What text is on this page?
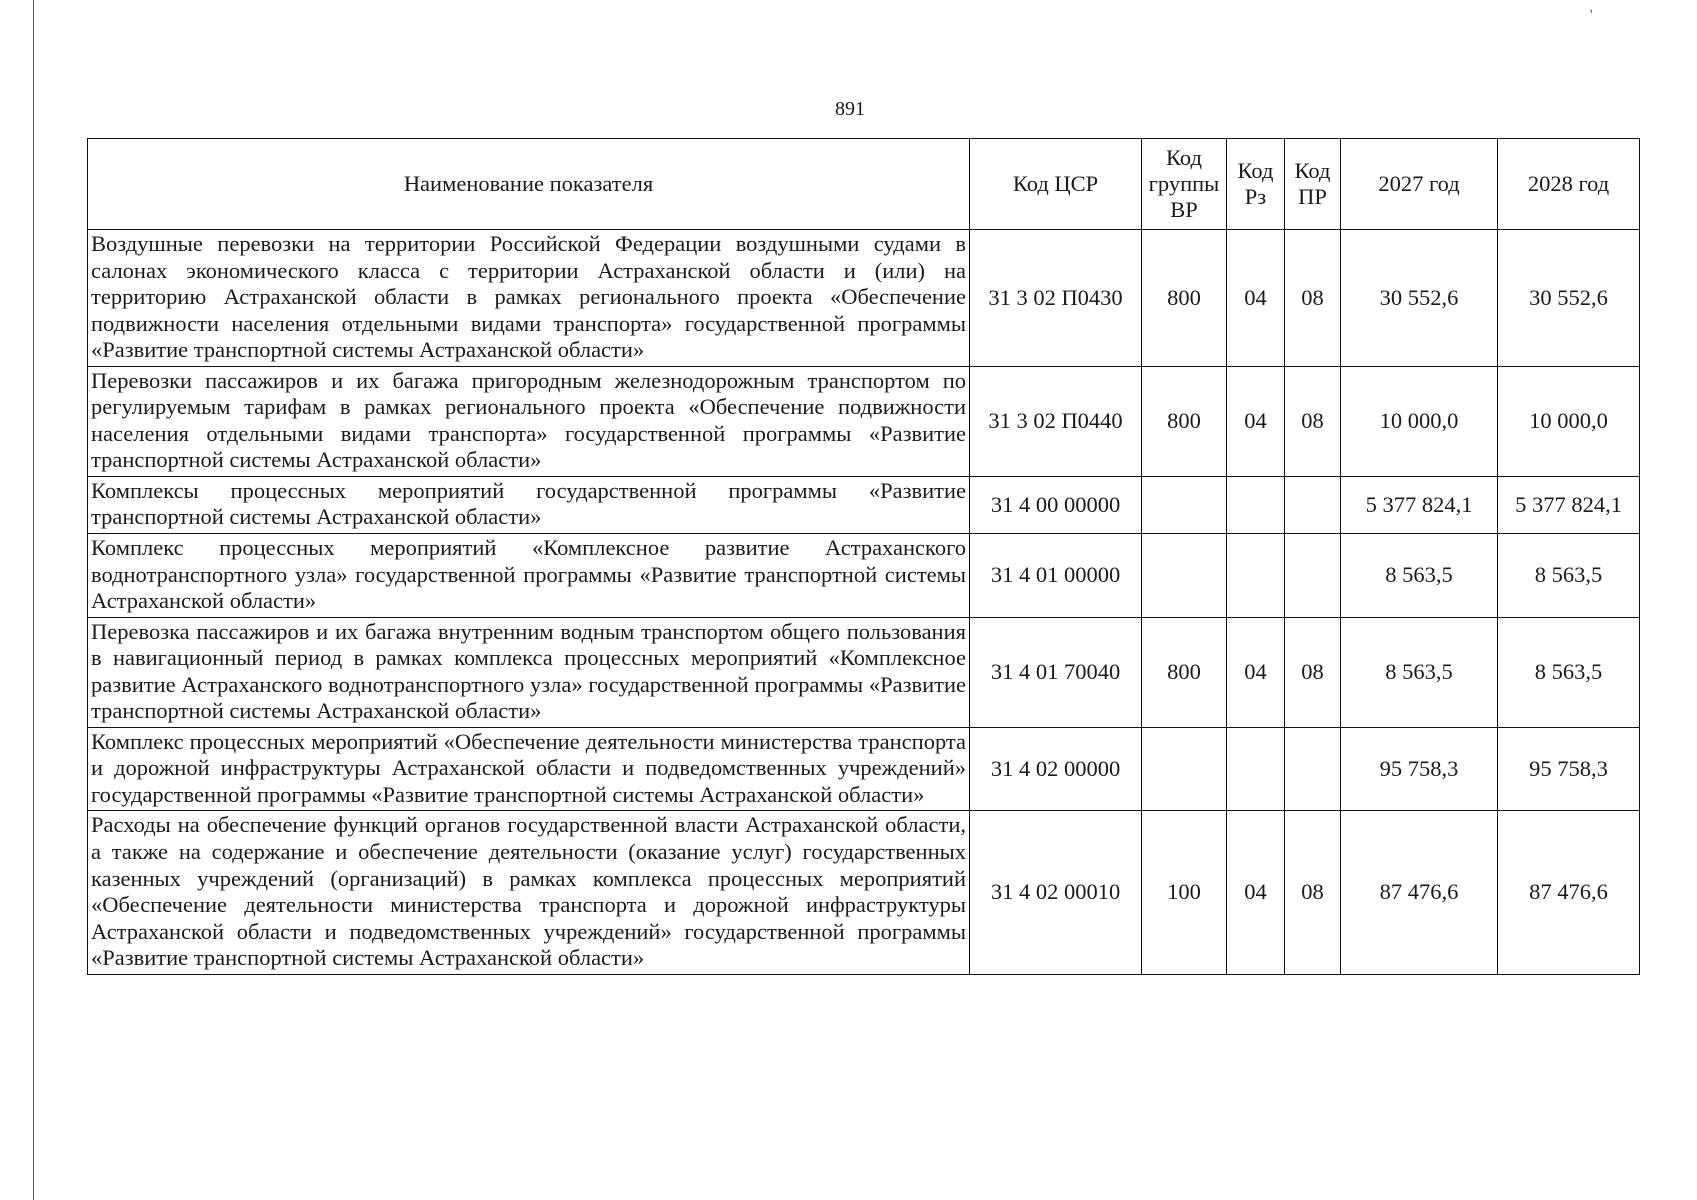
'
891
Наименование показателя	Код ЦСР	Код группы ВР	Код Рз	Код ПР	2027 год	2028 год
Воздушные перевозки на территории Российской Федерации воздушными судами в салонах экономического класса с территории Астраханской области и (или) на территорию Астраханской области в рамках регионального проекта «Обеспечение подвижности населения отдельными видами транспорта» государственной программы «Развитие транспортной системы Астраханской области»	31 3 02 П0430	800	04	08	30 552,6	30 552,6
Перевозки пассажиров и их багажа пригородным железнодорожным транспортом по регулируемым тарифам в рамках регионального проекта «Обеспечение подвижности населения отдельными видами транспорта» государственной программы «Развитие транспортной системы Астраханской области»	31 3 02 П0440	800	04	08	10 000,0	10 000,0
Комплексы процессных мероприятий государственной программы «Развитие транспортной системы Астраханской области»	31 4 00 00000				5 377 824,1	5 377 824,1
Комплекс процессных мероприятий «Комплексное развитие Астраханского воднотранспортного узла» государственной программы «Развитие транспортной системы Астраханской области»	31 4 01 00000				8 563,5	8 563,5
Перевозка пассажиров и их багажа внутренним водным транспортом общего пользования в навигационный период в рамках комплекса процессных мероприятий «Комплексное развитие Астраханского воднотранспортного узла» государственной программы «Развитие транспортной системы Астраханской области»	31 4 01 70040	800	04	08	8 563,5	8 563,5
Комплекс процессных мероприятий «Обеспечение деятельности министерства транспорта и дорожной инфраструктуры Астраханской области и подведомственных учреждений» государственной программы «Развитие транспортной системы Астраханской области»	31 4 02 00000				95 758,3	95 758,3
Расходы на обеспечение функций органов государственной власти Астраханской области, а также на содержание и обеспечение деятельности (оказание услуг) государственных казенных учреждений (организаций) в рамках комплекса процессных мероприятий «Обеспечение деятельности министерства транспорта и дорожной инфраструктуры Астраханской области и подведомственных учреждений» государственной программы «Развитие транспортной системы Астраханской области»	31 4 02 00010	100	04	08	87 476,6	87 476,6
